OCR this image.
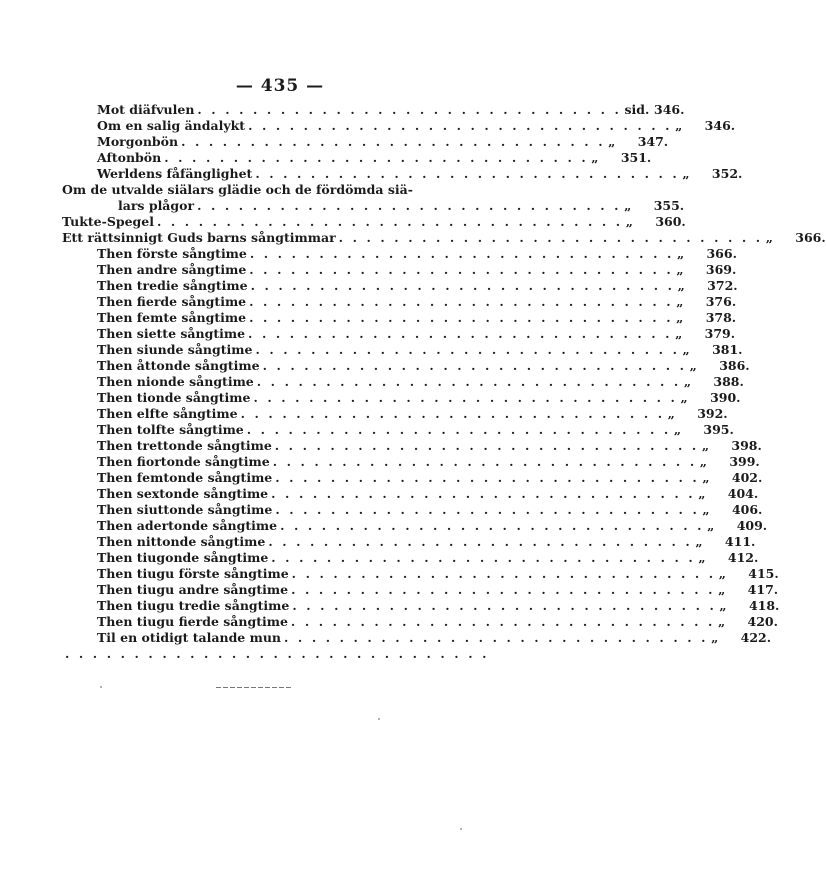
— 435 —
Mot diäfvulen . . . . . . . . . . . . . . . . . . . . . . . . . . . . . . . sid. 346.
Om en salig ändalykt . . . . . . . . . . . . . . . . . . . . . . . . . . . . . . . „	346.
Morgonbön . . . . . . . . . . . . . . . . . . . . . . . . . . . . . . . „	347.
Aftonbön . . . . . . . . . . . . . . . . . . . . . . . . . . . . . . . „	351.
Werldens fåfänglighet . . . . . . . . . . . . . . . . . . . . . . . . . . . . . . . „	352.
Om de utvalde siälars glädie och de fördömda siä-
lars plågor . . . . . . . . . . . . . . . . . . . . . . . . . . . . . . . „	355.
Tukte-Spegel . . . . . . . . . . . . . . . . . . . . . . . . . . . . . . . . . . „	360.
Ett rättsinnigt Guds barns sångtimmar . . . . . . . . . . . . . . . . . . . . . . . . . . . . . . . „	366.
Then förste sångtime . . . . . . . . . . . . . . . . . . . . . . . . . . . . . . . „	366.
Then andre sångtime . . . . . . . . . . . . . . . . . . . . . . . . . . . . . . . „	369.
Then tredie sångtime . . . . . . . . . . . . . . . . . . . . . . . . . . . . . . . „	372.
Then fierde sångtime . . . . . . . . . . . . . . . . . . . . . . . . . . . . . . . „	376.
Then femte sångtime . . . . . . . . . . . . . . . . . . . . . . . . . . . . . . . „	378.
Then siette sångtime . . . . . . . . . . . . . . . . . . . . . . . . . . . . . . . „	379.
Then siunde sångtime . . . . . . . . . . . . . . . . . . . . . . . . . . . . . . . „	381.
Then åttonde sångtime . . . . . . . . . . . . . . . . . . . . . . . . . . . . . . . „	386.
Then nionde sångtime . . . . . . . . . . . . . . . . . . . . . . . . . . . . . . . „	388.
Then tionde sångtime . . . . . . . . . . . . . . . . . . . . . . . . . . . . . . . „	390.
Then elfte sångtime . . . . . . . . . . . . . . . . . . . . . . . . . . . . . . . „	392.
Then tolfte sångtime . . . . . . . . . . . . . . . . . . . . . . . . . . . . . . . „	395.
Then trettonde sångtime . . . . . . . . . . . . . . . . . . . . . . . . . . . . . . . „	398.
Then fiortonde sångtime . . . . . . . . . . . . . . . . . . . . . . . . . . . . . . . „	399.
Then femtonde sångtime . . . . . . . . . . . . . . . . . . . . . . . . . . . . . . . „	402.
Then sextonde sångtime . . . . . . . . . . . . . . . . . . . . . . . . . . . . . . . „	404.
Then siuttonde sångtime . . . . . . . . . . . . . . . . . . . . . . . . . . . . . . . „	406.
Then adertonde sångtime . . . . . . . . . . . . . . . . . . . . . . . . . . . . . . . „	409.
Then nittonde sångtime . . . . . . . . . . . . . . . . . . . . . . . . . . . . . . . „	411.
Then tiugonde sångtime . . . . . . . . . . . . . . . . . . . . . . . . . . . . . . . „	412.
Then tiugu förste sångtime . . . . . . . . . . . . . . . . . . . . . . . . . . . . . . . „	415.
Then tiugu andre sångtime . . . . . . . . . . . . . . . . . . . . . . . . . . . . . . . „	417.
Then tiugu tredie sångtime . . . . . . . . . . . . . . . . . . . . . . . . . . . . . . . „	418.
Then tiugu fierde sångtime . . . . . . . . . . . . . . . . . . . . . . . . . . . . . . . „	420.
Til en otidigt talande mun . . . . . . . . . . . . . . . . . . . . . . . . . . . . . . . „	422.
. . . . . . . . . . . . . . . . . . . . . . . . . . . . . . .
